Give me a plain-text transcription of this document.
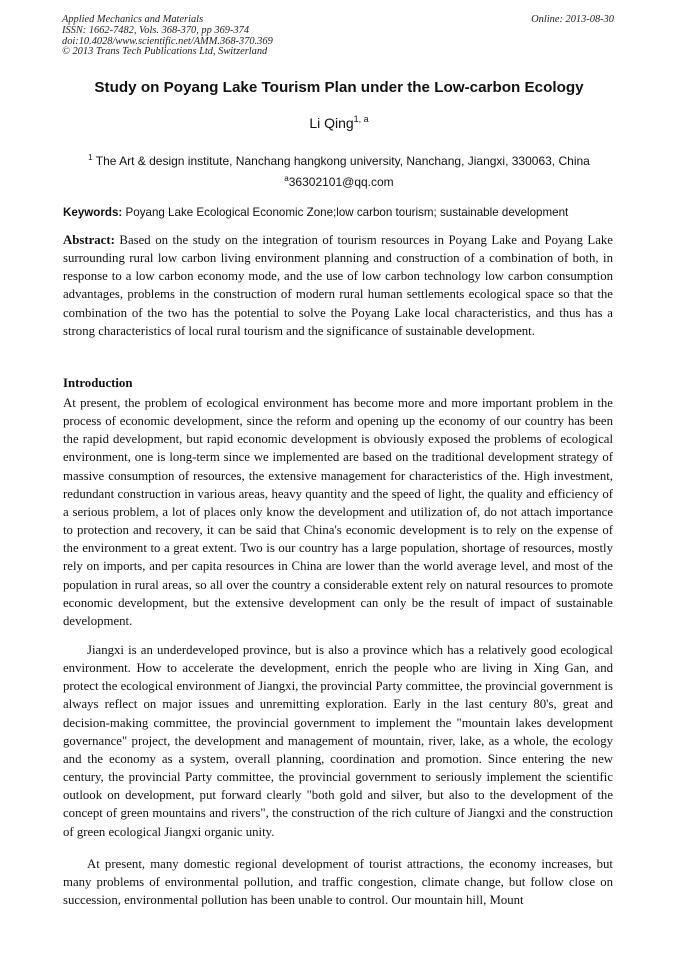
Applied Mechanics and Materials
ISSN: 1662-7482, Vols. 368-370, pp 369-374
doi:10.4028/www.scientific.net/AMM.368-370.369
© 2013 Trans Tech Publications Ltd, Switzerland
Online: 2013-08-30
Study on Poyang Lake Tourism Plan under the Low-carbon Ecology
Li Qing$^{1, a}$
$^1$ The Art & design institute, Nanchang hangkong university, Nanchang, Jiangxi, 330063, China
$^a$36302101@qq.com
Keywords: Poyang Lake Ecological Economic Zone;low carbon tourism; sustainable development
Abstract: Based on the study on the integration of tourism resources in Poyang Lake and Poyang Lake surrounding rural low carbon living environment planning and construction of a combination of both, in response to a low carbon economy mode, and the use of low carbon technology low carbon consumption advantages, problems in the construction of modern rural human settlements ecological space so that the combination of the two has the potential to solve the Poyang Lake local characteristics, and thus has a strong characteristics of local rural tourism and the significance of sustainable development.
Introduction
At present, the problem of ecological environment has become more and more important problem in the process of economic development, since the reform and opening up the economy of our country has been the rapid development, but rapid economic development is obviously exposed the problems of ecological environment, one is long-term since we implemented are based on the traditional development strategy of massive consumption of resources, the extensive management for characteristics of the. High investment, redundant construction in various areas, heavy quantity and the speed of light, the quality and efficiency of a serious problem, a lot of places only know the development and utilization of, do not attach importance to protection and recovery, it can be said that China's economic development is to rely on the expense of the environment to a great extent. Two is our country has a large population, shortage of resources, mostly rely on imports, and per capita resources in China are lower than the world average level, and most of the population in rural areas, so all over the country a considerable extent rely on natural resources to promote economic development, but the extensive development can only be the result of impact of sustainable development.
Jiangxi is an underdeveloped province, but is also a province which has a relatively good ecological environment. How to accelerate the development, enrich the people who are living in Xing Gan, and protect the ecological environment of Jiangxi, the provincial Party committee, the provincial government is always reflect on major issues and unremitting exploration. Early in the last century 80's, great and decision-making committee, the provincial government to implement the "mountain lakes development governance" project, the development and management of mountain, river, lake, as a whole, the ecology and the economy as a system, overall planning, coordination and promotion. Since entering the new century, the provincial Party committee, the provincial government to seriously implement the scientific outlook on development, put forward clearly "both gold and silver, but also to the development of the concept of green mountains and rivers", the construction of the rich culture of Jiangxi and the construction of green ecological Jiangxi organic unity.
At present, many domestic regional development of tourist attractions, the economy increases, but many problems of environmental pollution, and traffic congestion, climate change, but follow close on succession, environmental pollution has been unable to control. Our mountain hill, Mount
